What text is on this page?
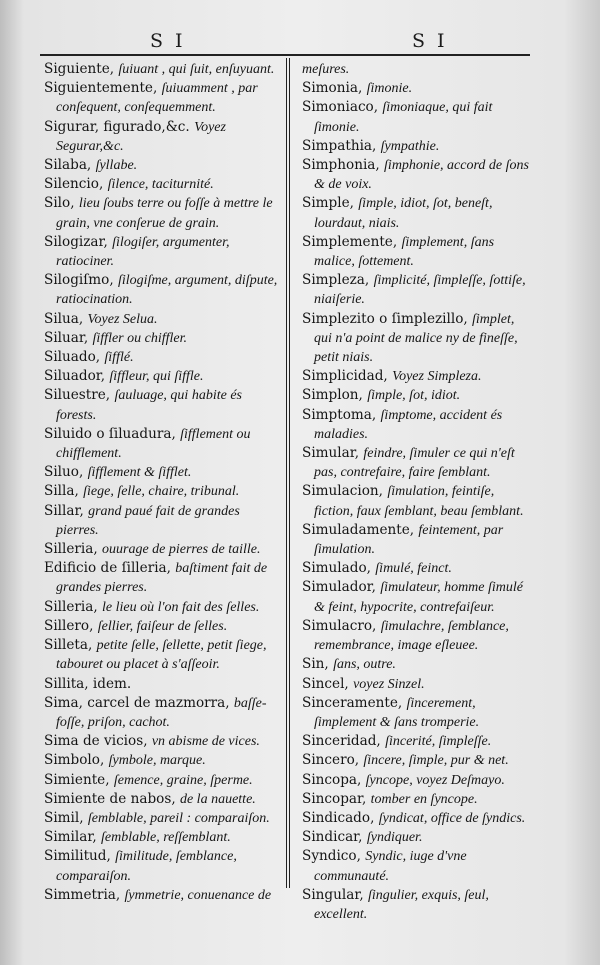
S I	S I
Siguiente, ſuiuant , qui ſuit, enſuyuant.
Siguientemente, ſuiuamment , par conſequent, conſequemment.
Sigurar, figurado,&c. Voyez Segurar,&c.
Silaba, ſyllabe.
Silencio, ſilence, taciturnité.
Silo, lieu ſoubs terre ou foſſe à mettre le grain, vne conſerue de grain.
Silogizar, ſilogiſer, argumenter, ratiociner.
Silogiſmo, ſilogiſme, argument, diſpute, ratiocination.
Silua, Voyez Selua.
Siluar, ſiffler ou chiffler.
Siluado, ſifflé.
Siluador, ſiffleur, qui ſiffle.
Siluestre, ſauluage, qui habite és forests.
Siluido o ſiluadura, ſifflement ou chifflement.
Siluo, ſifflement & ſifflet.
Silla, ſiege, ſelle, chaire, tribunal.
Sillar, grand paué fait de grandes pierres.
Silleria, ouurage de pierres de taille.
Edificio de ſilleria, baſtiment fait de grandes pierres.
Silleria, le lieu où l'on fait des ſelles.
Sillero, ſellier, faiſeur de ſelles.
Silleta, petite ſelle, ſellette, petit ſiege, tabouret ou placet à s'aſſeoir.
Sillita, idem.
Sima, carcel de mazmorra, baſſe-foſſe, priſon, cachot.
Sima de vicios, vn abisme de vices.
Simbolo, ſymbole, marque.
Simiente, ſemence, graine, ſperme.
Simiente de nabos, de la nauette.
Simil, ſemblable, pareil : comparaiſon.
Similar, ſemblable, reſſemblant.
Similitud, ſimilitude, ſemblance, comparaiſon.
Simmetria, ſymmetrie, conuenance de
meſures.
Simonia, ſimonie.
Simoniaco, ſimoniaque, qui fait ſimonie.
Simpathia, ſympathie.
Simphonia, ſimphonie, accord de ſons & de voix.
Simple, ſimple, idiot, ſot, beneſt, lourdaut, niais.
Simplemente, ſimplement, ſans malice, ſottement.
Simpleza, ſimplicité, ſimpleſſe, ſottiſe, niaiſerie.
Simplezito o ſimplezillo, ſimplet, qui n'a point de malice ny de fineſſe, petit niais.
Simplicidad, Voyez Simpleza.
Simplon, ſimple, ſot, idiot.
Simptoma, ſimptome, accident és maladies.
Simular, feindre, ſimuler ce qui n'eſt pas, contrefaire, faire ſemblant.
Simulacion, ſimulation, feintiſe, fiction, faux ſemblant, beau ſemblant.
Simuladamente, feintement, par ſimulation.
Simulado, ſimulé, feinct.
Simulador, ſimulateur, homme ſimulé & feint, hypocrite, contrefaiſeur.
Simulacro, ſimulachre, ſemblance, remembrance, image eſleuee.
Sin, ſans, outre.
Sincel, voyez Sinzel.
Sinceramente, ſincerement, ſimplement & ſans tromperie.
Sinceridad, ſincerité, ſimpleſſe.
Sincero, ſincere, ſimple, pur & net.
Sincopa, ſyncope, voyez Deſmayo.
Sincopar, tomber en ſyncope.
Sindicado, ſyndicat, office de ſyndics.
Sindicar, ſyndiquer.
Syndico, Syndic, iuge d'vne communauté.
Singular, ſingulier, exquis, ſeul, excellent.
